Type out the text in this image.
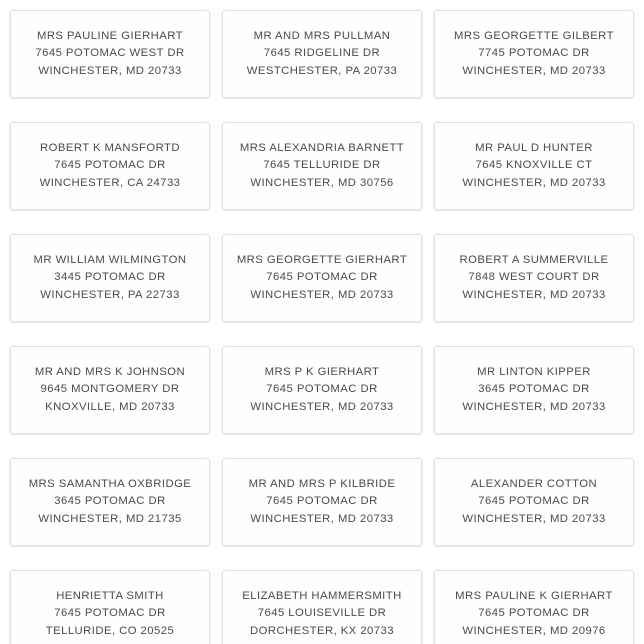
MRS PAULINE GIERHART
7645 POTOMAC WEST DR
WINCHESTER, MD 20733
MR AND MRS PULLMAN
7645 RIDGELINE DR
WESTCHESTER, PA 20733
MRS GEORGETTE GILBERT
7745 POTOMAC DR
WINCHESTER, MD 20733
ROBERT K MANSFORTD
7645 POTOMAC DR
WINCHESTER, CA 24733
MRS ALEXANDRIA BARNETT
7645 TELLURIDE DR
WINCHESTER, MD 30756
MR PAUL D HUNTER
7645 KNOXVILLE CT
WINCHESTER, MD 20733
MR WILLIAM WILMINGTON
3445 POTOMAC DR
WINCHESTER, PA 22733
MRS GEORGETTE GIERHART
7645 POTOMAC DR
WINCHESTER, MD 20733
ROBERT A SUMMERVILLE
7848 WEST COURT DR
WINCHESTER, MD 20733
MR AND MRS K JOHNSON
9645 MONTGOMERY DR
KNOXVILLE, MD 20733
MRS P K GIERHART
7645 POTOMAC DR
WINCHESTER, MD 20733
MR LINTON KIPPER
3645 POTOMAC DR
WINCHESTER, MD 20733
MRS SAMANTHA OXBRIDGE
3645 POTOMAC DR
WINCHESTER, MD 21735
MR AND MRS P KILBRIDE
7645 POTOMAC DR
WINCHESTER, MD 20733
ALEXANDER COTTON
7645 POTOMAC DR
WINCHESTER, MD 20733
HENRIETTA SMITH
7645 POTOMAC DR
TELLURIDE, CO 20525
ELIZABETH HAMMERSMITH
7645 LOUISEVILLE DR
DORCHESTER, KX 20733
MRS PAULINE K GIERHART
7645 POTOMAC DR
WINCHESTER, MD 20976
